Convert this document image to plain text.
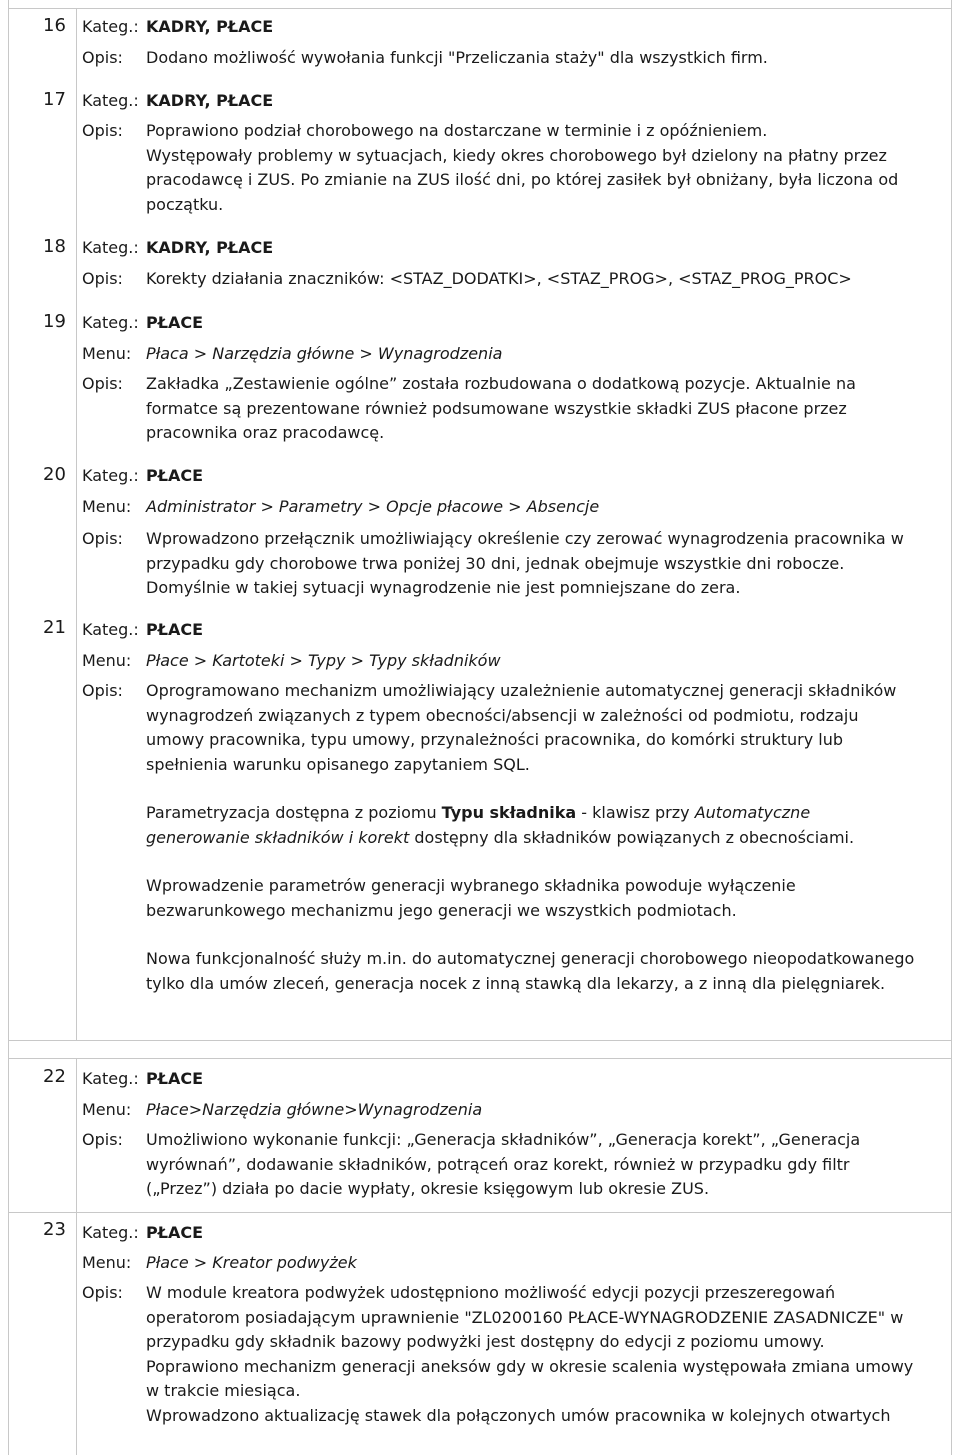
16	Kateg.: KADRY, PŁACE
Opis:	Dodano możliwość wywołania funkcji "Przeliczania staży" dla wszystkich firm.
17	Kateg.: KADRY, PŁACE
Opis:	Poprawiono podział chorobowego na dostarczane w terminie i z opóźnieniem.
Występowały problemy w sytuacjach, kiedy okres chorobowego był dzielony na płatny przez
pracodawcę i ZUS. Po zmianie na ZUS ilość dni, po której zasiłek był obniżany, była liczona od
początku.
18	Kateg.: KADRY, PŁACE
Opis:	Korekty działania znaczników: <STAZ_DODATKI>, <STAZ_PROG>, <STAZ_PROG_PROC>
19	Kateg.: PŁACE
Menu: Płaca > Narzędzia główne > Wynagrodzenia
Opis:	Zakładka „Zestawienie ogólne” została rozbudowana o dodatkową pozycje. Aktualnie na
formatce są prezentowane również podsumowane wszystkie składki ZUS płacone przez
pracownika oraz pracodawcę.
20	Kateg.: PŁACE
Menu: Administrator > Parametry > Opcje płacowe > Absencje
Opis:	Wprowadzono przełącznik umożliwiający określenie czy zerować wynagrodzenia pracownika w
przypadku gdy chorobowe trwa poniżej 30 dni, jednak obejmuje wszystkie dni robocze.
Domyślnie w takiej sytuacji wynagrodzenie nie jest pomniejszane do zera.
21	Kateg.: PŁACE
Menu: Płace > Kartoteki > Typy > Typy składników
Opis:	Oprogramowano mechanizm umożliwiający uzależnienie automatycznej generacji składników
wynagrodzeń związanych z typem obecności/absencji w zależności od podmiotu, rodzaju
umowy pracownika, typu umowy, przynależności pracownika, do komórki struktury lub
spełnienia warunku opisanego zapytaniem SQL.
Parametryzacja dostępna z poziomu Typu składnika - klawisz przy Automatyczne
generowanie składników i korekt dostępny dla składników powiązanych z obecnościami.
Wprowadzenie parametrów generacji wybranego składnika powoduje wyłączenie
bezwarunkowego mechanizmu jego generacji we wszystkich podmiotach.
Nowa funkcjonalność służy m.in. do automatycznej generacji chorobowego nieopodatkowanego
tylko dla umów zleceń, generacja nocek z inną stawką dla lekarzy, a z inną dla pielęgniarek.
22	Kateg.: PŁACE
Menu: Płace>Narzędzia główne>Wynagrodzenia
Opis:	Umożliwiono wykonanie funkcji: „Generacja składników”, „Generacja korekt”, „Generacja
wyrównań”, dodawanie składników, potrąceń oraz korekt, również w przypadku gdy filtr
(„Przez”) działa po dacie wypłaty, okresie księgowym lub okresie ZUS.
23	Kateg.: PŁACE
Menu: Płace > Kreator podwyżek
Opis:	W module kreatora podwyżek udostępniono możliwość edycji pozycji przeszeregowań
operatorom posiadającym uprawnienie "ZL0200160 PŁACE-WYNAGRODZENIE ZASADNICZE" w
przypadku gdy składnik bazowy podwyżki jest dostępny do edycji z poziomu umowy.
Poprawiono mechanizm generacji aneksów gdy w okresie scalenia występowała zmiana umowy
w trakcie miesiąca.
Wprowadzono aktualizację stawek dla połączonych umów pracownika w kolejnych otwartych
